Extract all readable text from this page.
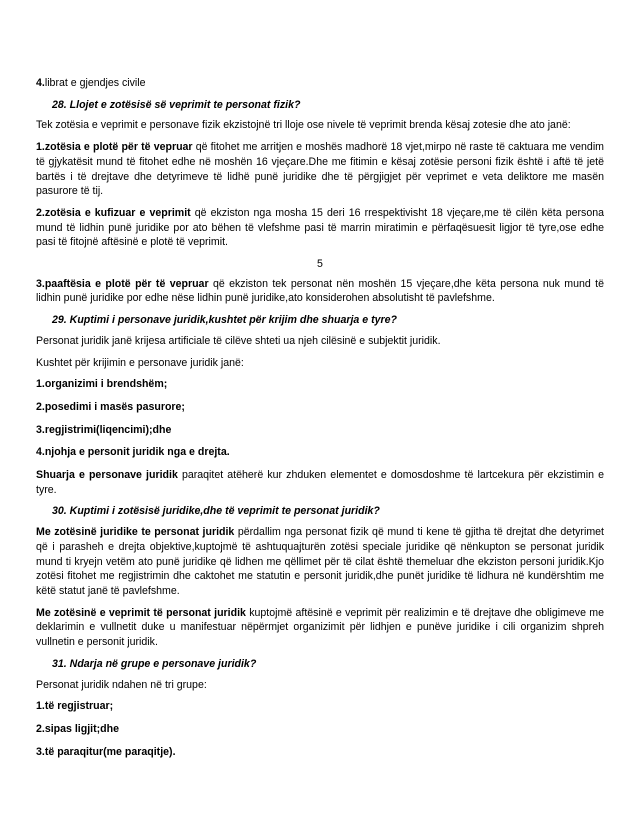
4.librat e gjendjes civile

28. Llojet e zotësisë së veprimit te personat fizik?

Tek zotësia e veprimit e personave fizik ekzistojnë tri lloje ose nivele të veprimit brenda kësaj zotesie dhe ato janë:

1.zotësia e plotë për të vepruar që fitohet me arritjen e moshës madhorë 18 vjet,mirpo në raste të caktuara me vendim të gjykatësit mund të fitohet edhe në moshën 16 vjeçare.Dhe me fitimin e kësaj zotësie personi fizik është i aftë të jetë bartës i të drejtave dhe detyrimeve të lidhë punë juridike dhe të përgjigjet për veprimet e veta deliktore me masën pasurore të tij.

2.zotësia e kufizuar e veprimit që ekziston nga mosha 15 deri 16 rrespektivisht 18 vjeçare,me të cilën këta persona mund të lidhin punë juridike por ato bëhen të vlefshme pasi të marrin miratimin e përfaqësuesit ligjor të tyre,ose edhe pasi të fitojnë aftësinë e plotë të veprimit.

5

3.paaftësia e plotë për të vepruar që ekziston tek personat nën moshën 15 vjeçare,dhe këta persona nuk mund të lidhin punë juridike por edhe nëse lidhin punë juridike,ato konsiderohen absolutisht të pavlefshme.

29. Kuptimi i personave juridik,kushtet për krijim dhe shuarja e tyre?

Personat juridik janë krijesa artificiale të cilëve shteti ua njeh cilësinë e subjektit juridik.

Kushtet për krijimin e personave juridik janë:

1.organizimi i brendshëm;

2.posedimi i masës pasurore;

3.regjistrimi(liqencimi);dhe

4.njohja e personit juridik nga e drejta.

Shuarja e personave juridik paraqitet atëherë kur zhduken elementet e domosdoshme të lartcekura për ekzistimin e tyre.

30. Kuptimi i zotësisë juridike,dhe të veprimit te personat juridik?

Me zotësinë juridike te personat juridik përdallim nga personat fizik që mund ti kene të gjitha të drejtat dhe detyrimet që i parasheh e drejta objektive,kuptojmë të ashtuquajturën zotësi speciale juridike që nënkupton se personat juridik mund ti kryejn vetëm ato punë juridike që lidhen me qëllimet për të cilat është themeluar dhe ekziston personi juridik.Kjo zotësi fitohet me regjistrimin dhe caktohet me statutin e personit juridik,dhe punët juridike të lidhura në kundërshtim me këtë statut janë të pavlefshme.

Me zotësinë e veprimit të personat juridik kuptojmë aftësinë e veprimit për realizimin e të drejtave dhe obligimeve me deklarimin e vullnetit duke u manifestuar nëpërmjet organizimit për lidhjen e punëve juridike i cili organizim shpreh vullnetin e personit juridik.

31. Ndarja në grupe e personave juridik?

Personat juridik ndahen në tri grupe:

1.të regjistruar;

2.sipas ligjit;dhe

3.të paraqitur(me paraqitje).
